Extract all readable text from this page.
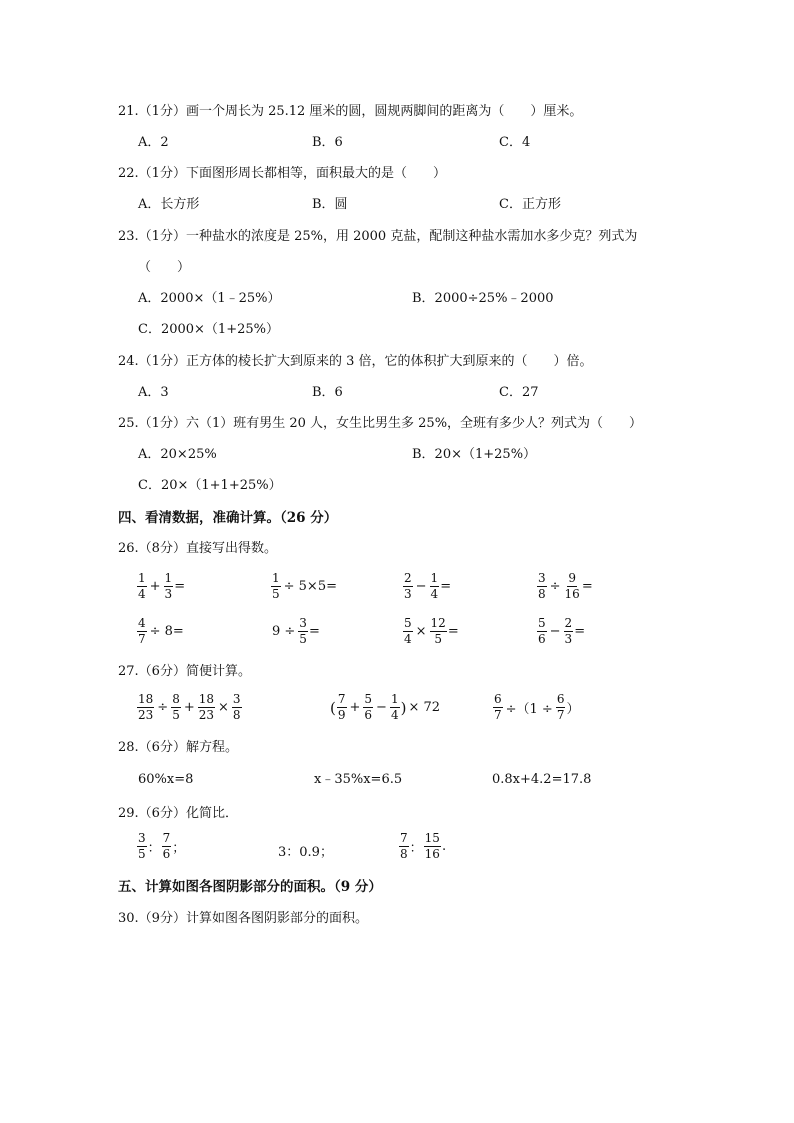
21.（1分）画一个周长为 25.12 厘米的圆，圆规两脚间的距离为（　　）厘米。
A．2	B．6	C．4
22.（1分）下面图形周长都相等，面积最大的是（　　）
A．长方形	B．圆	C．正方形
23.（1分）一种盐水的浓度是 25%，用 2000 克盐，配制这种盐水需加水多少克？列式为
（　　）
A．2000×（1﹣25%）	B．2000÷25%﹣2000
C．2000×（1+25%）
24.（1分）正方体的棱长扩大到原来的 3 倍，它的体积扩大到原来的（　　）倍。
A．3	B．6	C．27
25.（1分）六（1）班有男生 20 人，女生比男生多 25%，全班有多少人？列式为（　　）
A．20×25%	B．20×（1+25%）
C．20×（1+1+25%）
四、看清数据，准确计算。（26 分）
26.（8分）直接写出得数。
$\frac{1}{4} + \frac{1}{3}$ =	$\frac{1}{5} \div 5\times 5=$	$\frac{2}{3} - \frac{1}{4}$ =	$\frac{3}{8} \div \frac{9}{16}$ =
$\frac{4}{7} \div 8=$	$9 \div \frac{3}{5}$ =	$\frac{5}{4} \times \frac{12}{5}$ =	$\frac{5}{6} - \frac{2}{3}$ =
27.（6分）简便计算。
$\frac{18}{23} \div \frac{8}{5} + \frac{18}{23} \times \frac{3}{8}$	( $\frac{7}{9} + \frac{5}{6} - \frac{1}{4}$ ) × 72	$\frac{6}{7} \div(1 \div \frac{6}{7}$ ）
28.（6分）解方程。
60%x=8	x﹣35%x=6.5	0.8x+4.2=17.8
29.（6分）化简比．
$\frac{3}{5}$ ： $\frac{7}{6}$ ；	3：0.9；	$\frac{7}{8}$ ： $\frac{15}{16}$ .
五、计算如图各图阴影部分的面积。（9 分）
30.（9分）计算如图各图阴影部分的面积。
